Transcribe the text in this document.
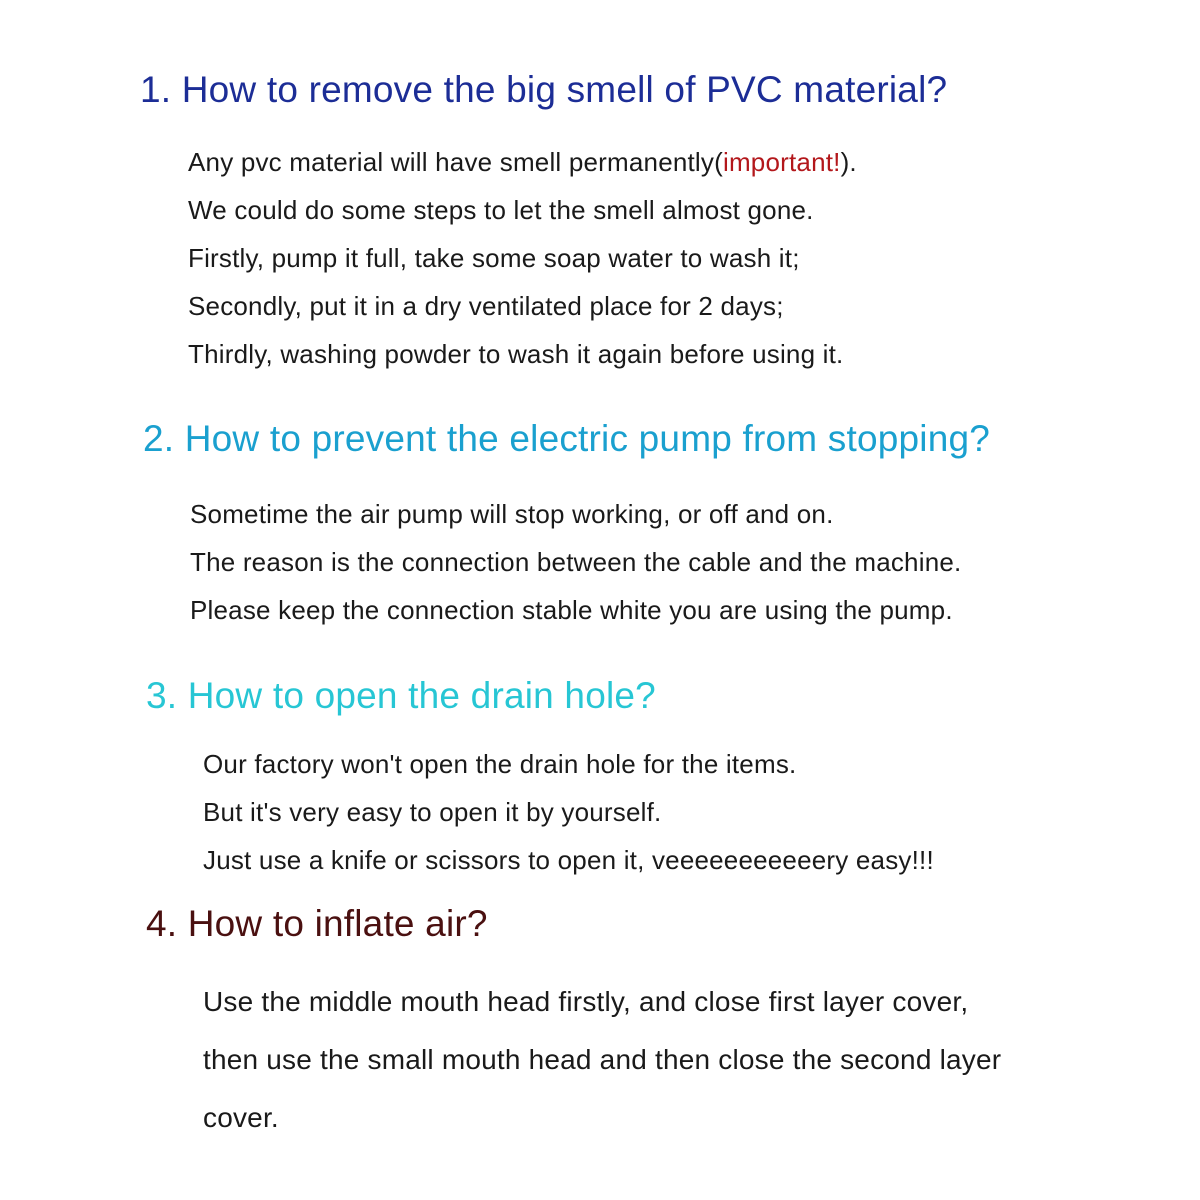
1. How to remove the big smell of PVC material?
Any pvc material will have smell permanently(important!).
We could do some steps to let the smell almost gone.
Firstly, pump it full, take some soap water to wash it;
Secondly, put it in a dry ventilated place for 2 days;
Thirdly, washing powder to wash it again before using it.
2. How to prevent the electric pump from stopping?
Sometime the air pump will stop working, or off and on.
The reason is the connection between the cable and the machine.
Please keep the connection stable white you are using the pump.
3. How to open the drain hole?
Our factory won't open the drain hole for the items.
But it's very easy to open it by yourself.
Just use a knife or scissors to open it, veeeeeeeeeeery easy!!!
4. How to inflate air?
Use the middle mouth head firstly, and close first layer cover,
then use the small mouth head and then close the second layer
cover.
